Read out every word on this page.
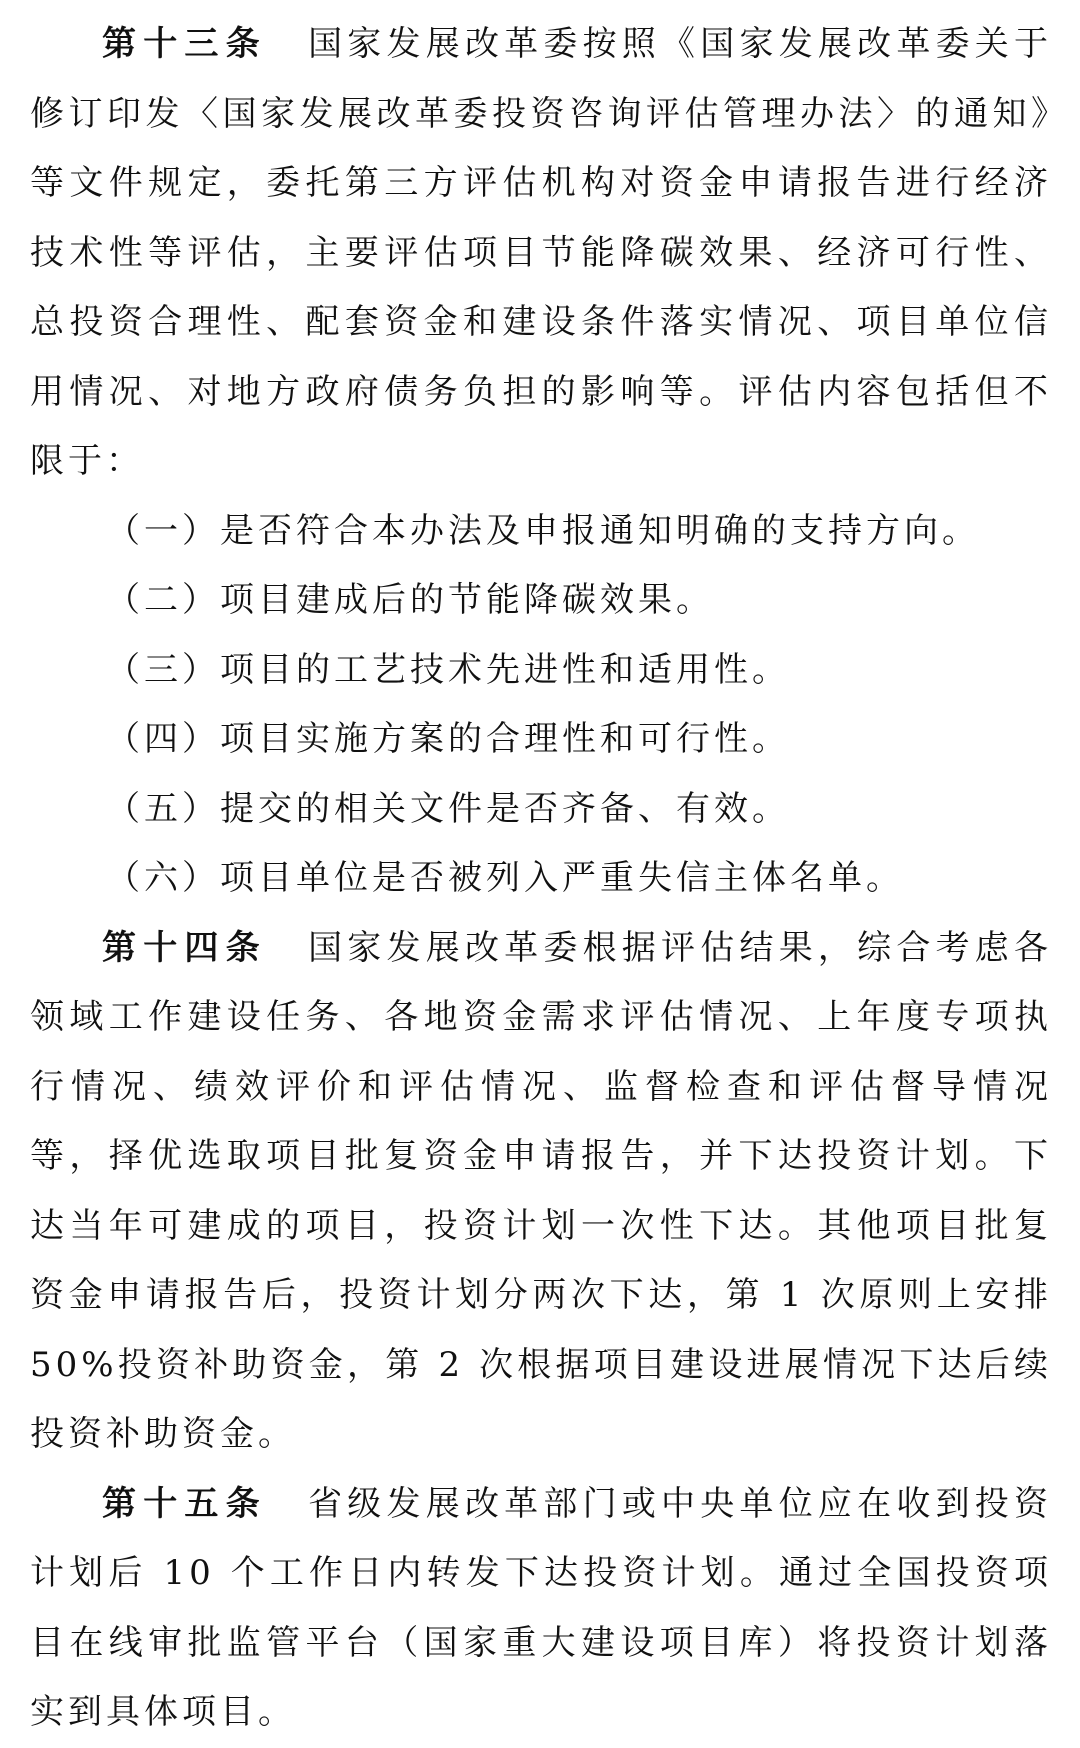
第十三条 国家发展改革委按照《国家发展改革委关于修订印发〈国家发展改革委投资咨询评估管理办法〉的通知》等文件规定，委托第三方评估机构对资金申请报告进行经济技术性等评估，主要评估项目节能降碳效果、经济可行性、总投资合理性、配套资金和建设条件落实情况、项目单位信用情况、对地方政府债务负担的影响等。评估内容包括但不限于：

（一）是否符合本办法及申报通知明确的支持方向。

（二）项目建成后的节能降碳效果。

（三）项目的工艺技术先进性和适用性。

（四）项目实施方案的合理性和可行性。

（五）提交的相关文件是否齐备、有效。

（六）项目单位是否被列入严重失信主体名单。

第十四条 国家发展改革委根据评估结果，综合考虑各领域工作建设任务、各地资金需求评估情况、上年度专项执行情况、绩效评价和评估情况、监督检查和评估督导情况等，择优选取项目批复资金申请报告，并下达投资计划。下达当年可建成的项目，投资计划一次性下达。其他项目批复资金申请报告后，投资计划分两次下达，第 1 次原则上安排 50%投资补助资金，第 2 次根据项目建设进展情况下达后续投资补助资金。

第十五条 省级发展改革部门或中央单位应在收到投资计划后 10 个工作日内转发下达投资计划。通过全国投资项目在线审批监管平台（国家重大建设项目库）将投资计划落实到具体项目。
